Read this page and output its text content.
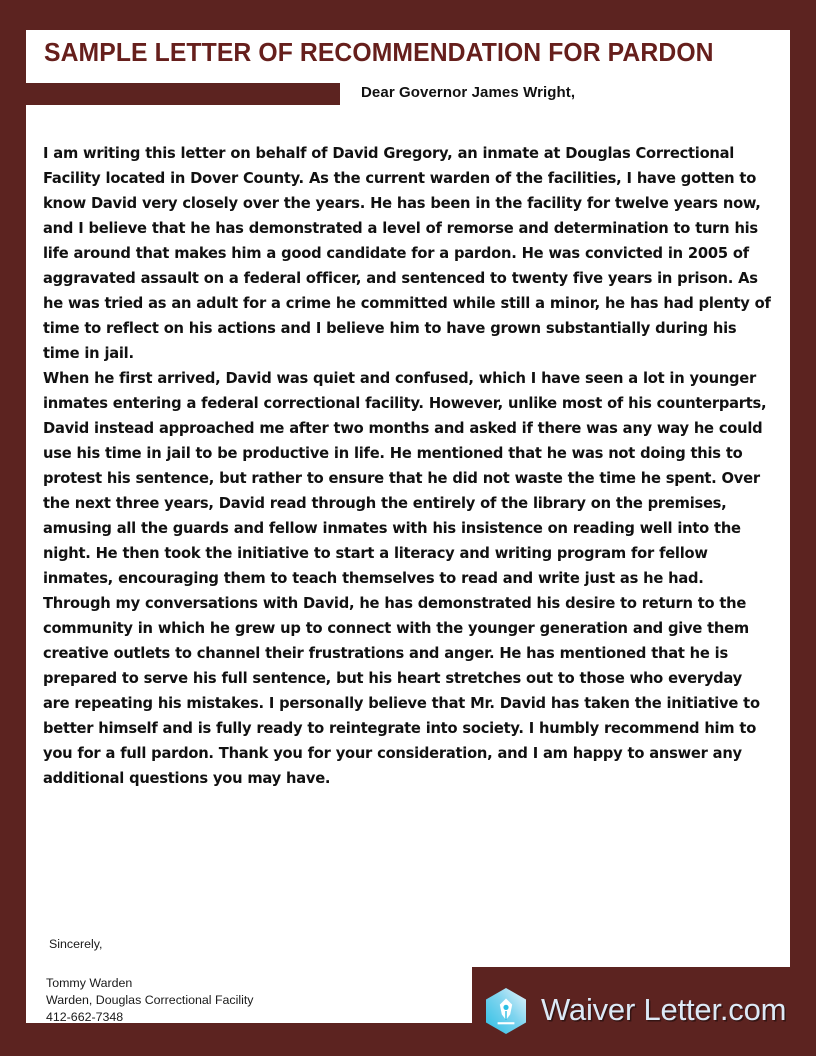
SAMPLE LETTER OF RECOMMENDATION FOR PARDON
Dear Governor James Wright,

I am writing this letter on behalf of David Gregory, an inmate at Douglas Correctional Facility located in Dover County. As the current warden of the facilities, I have gotten to know David very closely over the years. He has been in the facility for twelve years now, and I believe that he has demonstrated a level of remorse and determination to turn his life around that makes him a good candidate for a pardon. He was convicted in 2005 of aggravated assault on a federal officer, and sentenced to twenty five years in prison. As he was tried as an adult for a crime he committed while still a minor, he has had plenty of time to reflect on his actions and I believe him to have grown substantially during his time in jail.

When he first arrived, David was quiet and confused, which I have seen a lot in younger inmates entering a federal correctional facility. However, unlike most of his counterparts, David instead approached me after two months and asked if there was any way he could use his time in jail to be productive in life. He mentioned that he was not doing this to protest his sentence, but rather to ensure that he did not waste the time he spent. Over the next three years, David read through the entirely of the library on the premises, amusing all the guards and fellow inmates with his insistence on reading well into the night. He then took the initiative to start a literacy and writing program for fellow inmates, encouraging them to teach themselves to read and write just as he had.

Through my conversations with David, he has demonstrated his desire to return to the community in which he grew up to connect with the younger generation and give them creative outlets to channel their frustrations and anger. He has mentioned that he is prepared to serve his full sentence, but his heart stretches out to those who everyday are repeating his mistakes. I personally believe that Mr. David has taken the initiative to better himself and is fully ready to reintegrate into society. I humbly recommend him to you for a full pardon. Thank you for your consideration, and I am happy to answer any additional questions you may have.

Sincerely,

Tommy Warden

Warden, Douglas Correctional Facility

412-662-7348	Waiver Letter.com
